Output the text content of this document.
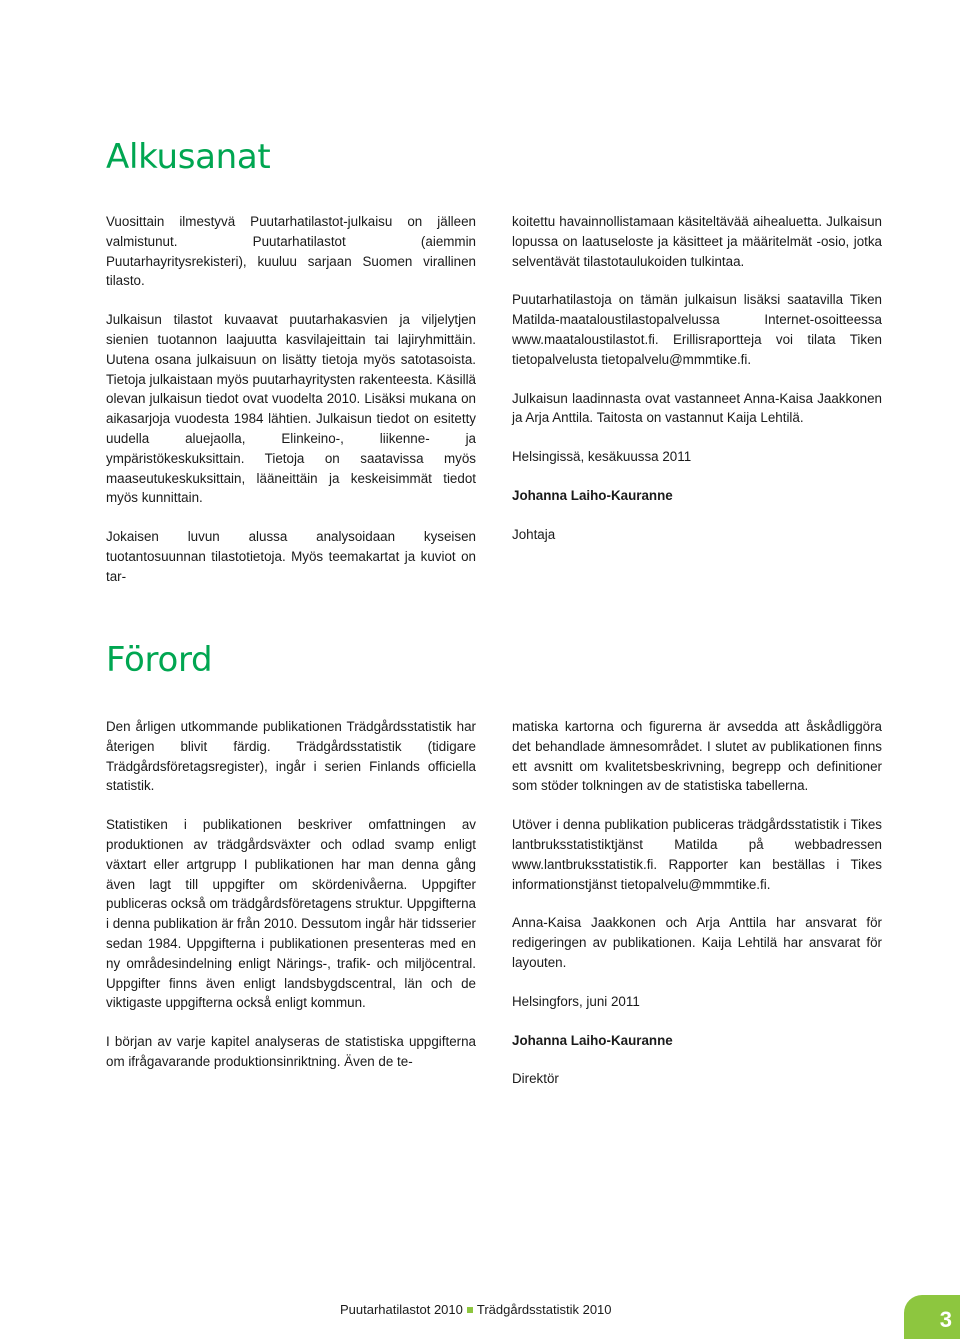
Alkusanat

Vuosittain ilmestyvä Puutarhatilastot-julkaisu on jälleen valmistunut. Puutarhatilastot (aiemmin Puutarhayritysrekisteri), kuuluu sarjaan Suomen virallinen tilasto.

Julkaisun tilastot kuvaavat puutarhakasvien ja viljelytjen sienien tuotannon laajuutta kasvilajeittain tai lajiryhmittäin. Uutena osana julkaisuun on lisätty tietoja myös satotasoista. Tietoja julkaistaan myös puutarhayritysten rakenteesta. Käsillä olevan julkaisun tiedot ovat vuodelta 2010. Lisäksi mukana on aikasarjoja vuodesta 1984 lähtien. Julkaisun tiedot on esitetty uudella aluejaolla, Elinkeino-, liikenne- ja ympäristökeskuksittain. Tietoja on saatavissa myös maaseutukeskuksittain, lääneittäin ja keskeisimmät tiedot myös kunnittain.

Jokaisen luvun alussa analysoidaan kyseisen tuotantosuunnan tilastotietoja. Myös teemakartat ja kuviot on tar-

koitettu havainnollistamaan käsiteltävää aihealuetta. Julkaisun lopussa on laatuseloste ja käsitteet ja määritelmät -osio, jotka selventävät tilastotaulukoiden tulkintaa.

Puutarhatilastoja on tämän julkaisun lisäksi saatavilla Tiken Matilda-maataloustilastopalvelussa Internet-osoitteessa www.maataloustilastot.fi. Erillisraportteja voi tilata Tiken tietopalvelusta tietopalvelu@mmmtike.fi.

Julkaisun laadinnasta ovat vastanneet Anna-Kaisa Jaakkonen ja Arja Anttila. Taitosta on vastannut Kaija Lehtilä.

Helsingissä, kesäkuussa 2011

Johanna Laiho-Kauranne

Johtaja

Förord

Den årligen utkommande publikationen Trädgårdsstatistik har återigen blivit färdig. Trädgårdsstatistik (tidigare Trädgårdsföretagsregister), ingår i serien Finlands officiella statistik.

Statistiken i publikationen beskriver omfattningen av produktionen av trädgårdsväxter och odlad svamp enligt växtart eller artgrupp I publikationen har man denna gång även lagt till uppgifter om skördenivåerna. Uppgifter publiceras också om trädgårdsföretagens struktur. Uppgifterna i denna publikation är från 2010. Dessutom ingår här tidsserier sedan 1984. Uppgifterna i publikationen presenteras med en ny områdesindelning enligt Närings-, trafik- och miljöcentral. Uppgifter finns även enligt landsbygdscentral, län och de viktigaste uppgifterna också enligt kommun.

I början av varje kapitel analyseras de statistiska uppgifterna om ifrågavarande produktionsinriktning. Även de te-

matiska kartorna och figurerna är avsedda att åskådliggöra det behandlade ämnesområdet. I slutet av publikationen finns ett avsnitt om kvalitetsbeskrivning, begrepp och definitioner som stöder tolkningen av de statistiska tabellerna.

Utöver i denna publikation publiceras trädgårdsstatistik i Tikes lantbruksstatistiktjänst Matilda på webbadressen www.lantbruksstatistik.fi. Rapporter kan beställas i Tikes informationstjänst tietopalvelu@mmmtike.fi.

Anna-Kaisa Jaakkonen och Arja Anttila har ansvarat för redigeringen av publikationen. Kaija Lehtilä har ansvarat för layouten.

Helsingfors, juni 2011

Johanna Laiho-Kauranne

Direktör

Puutarhatilastot 2010 Trädgårdsstatistik 2010	3
